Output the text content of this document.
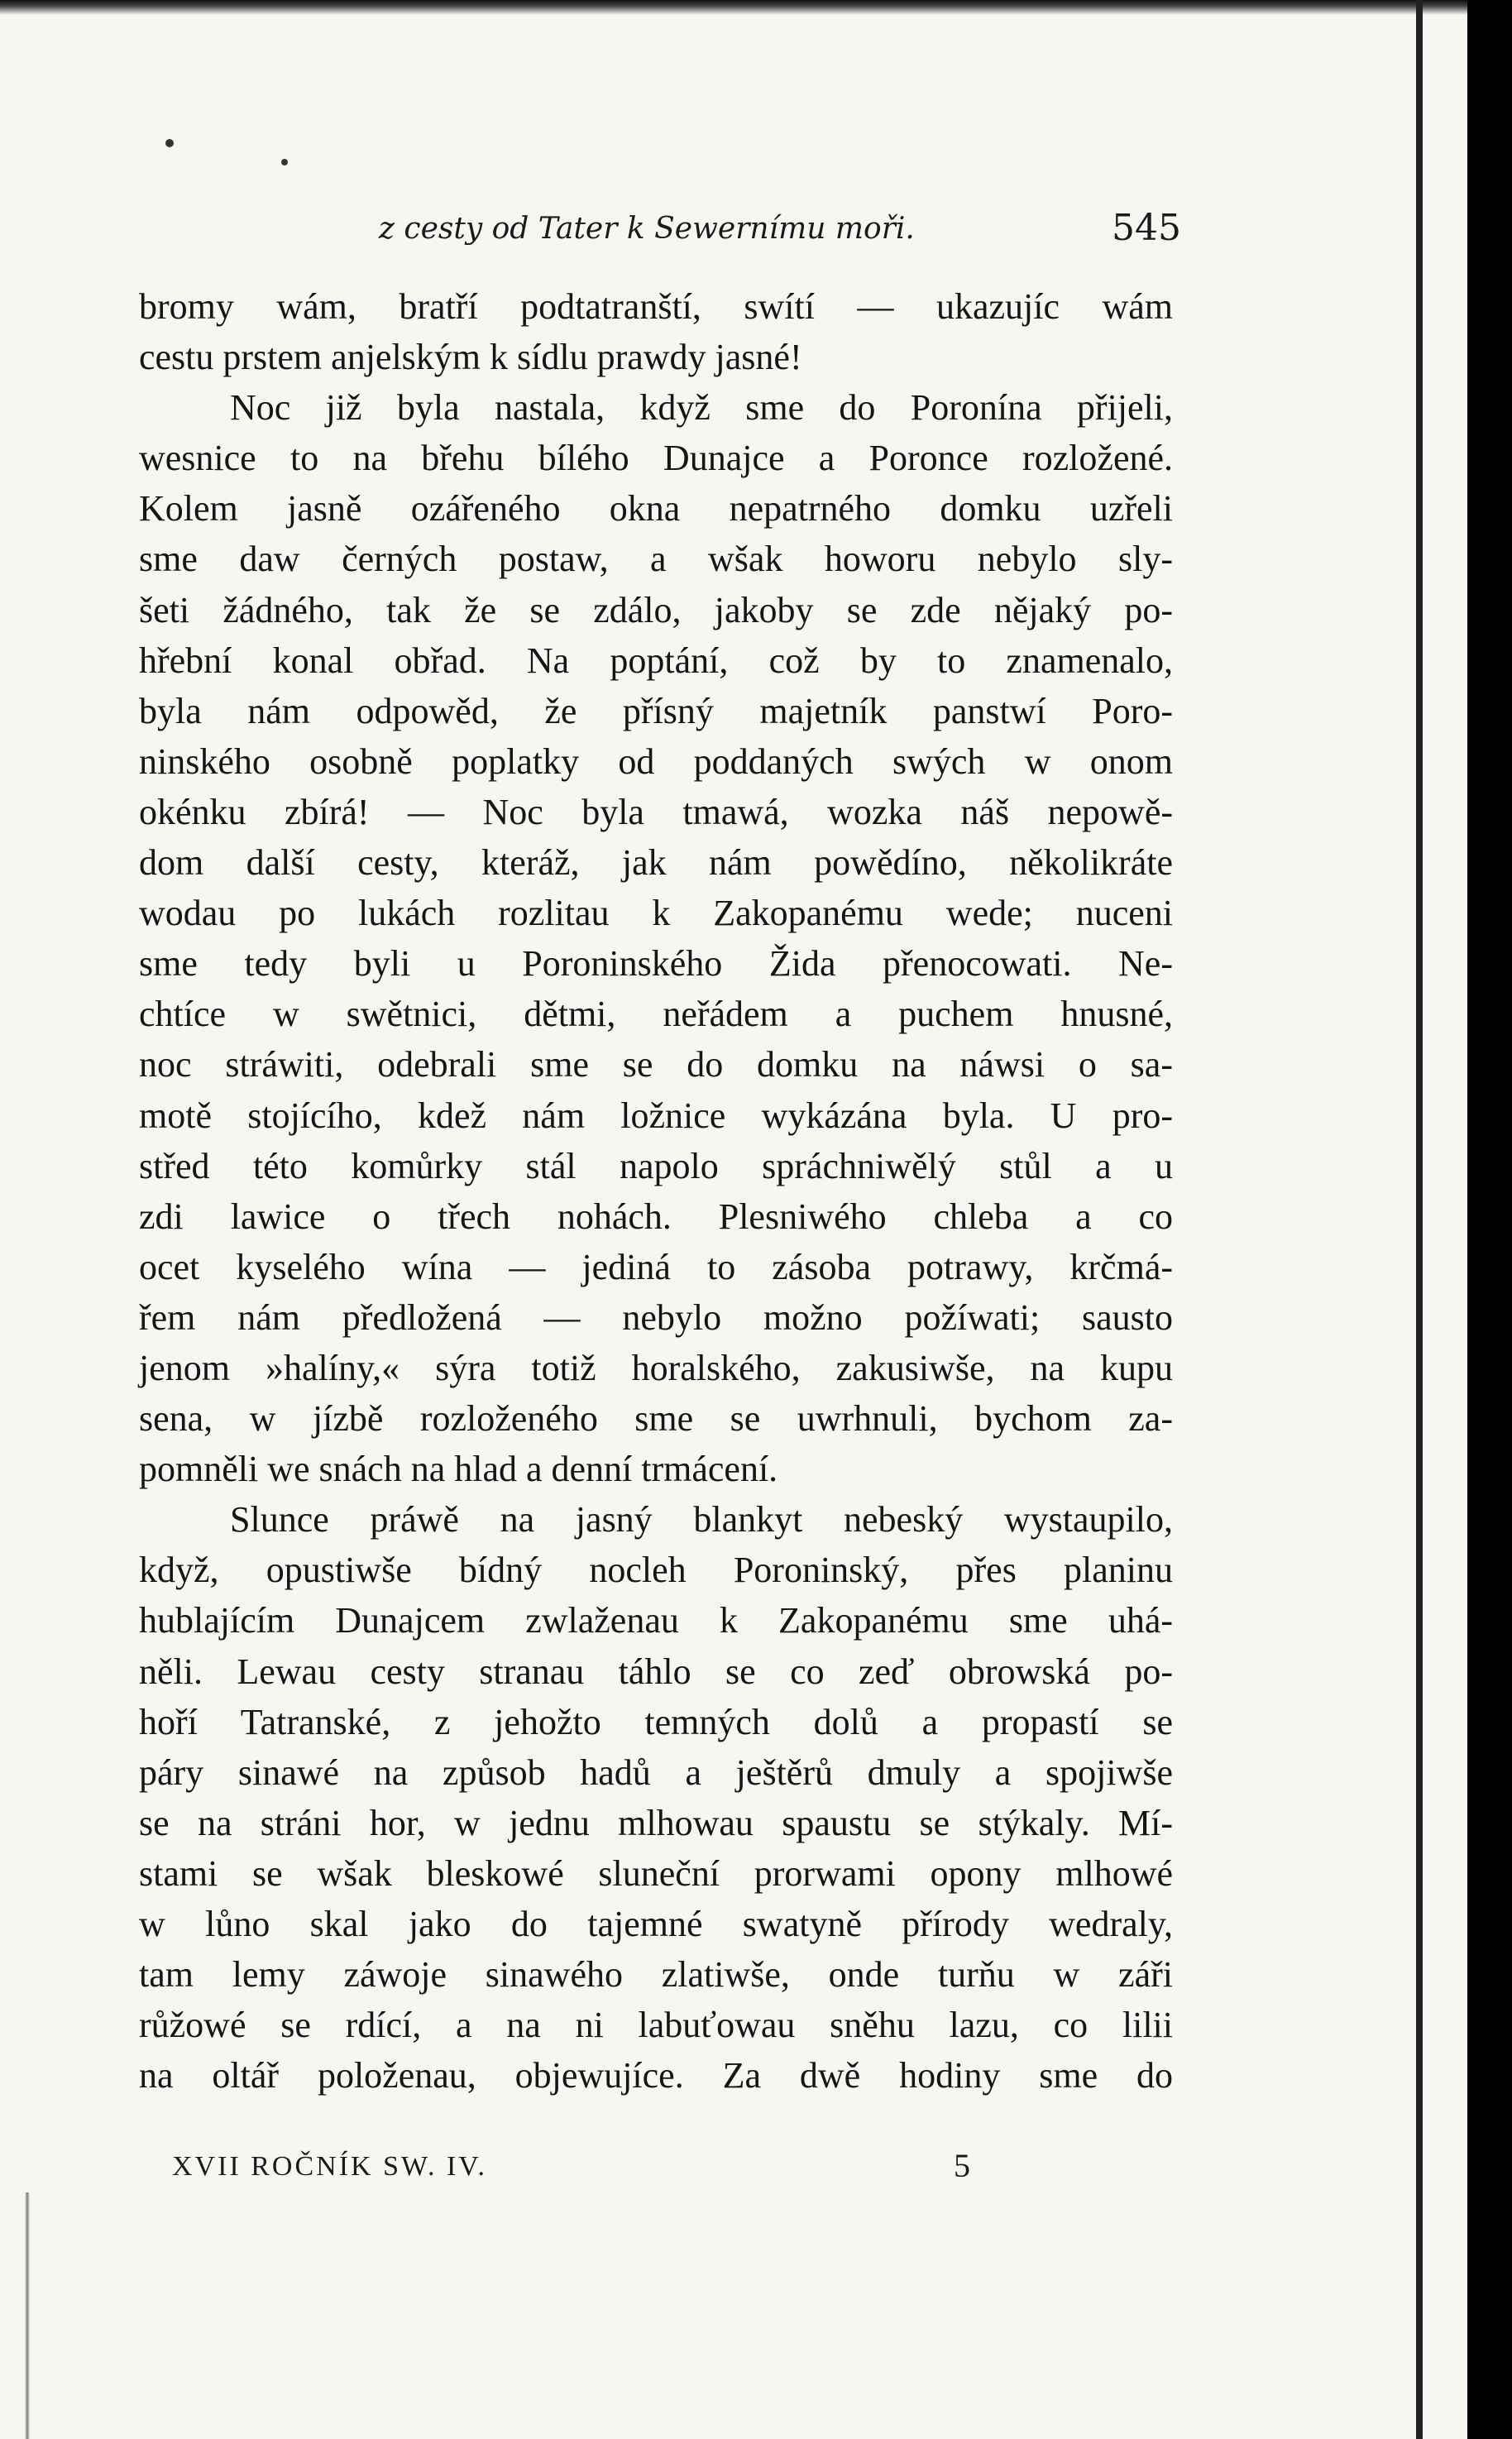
z cesty od Tater k Sewernímu moři.	545
bromy wám, bratří podtatranští, swítí — ukazujíc wám
cestu prstem anjelským k sídlu prawdy jasné!
Noc již byla nastala, když sme do Poronína přijeli,
wesnice to na břehu bílého Dunajce a Poronce rozložené.
Kolem jasně ozářeného okna nepatrného domku uzřeli
sme daw černých postaw, a wšak howoru nebylo sly-
šeti žádného, tak že se zdálo, jakoby se zde nějaký po-
hřební konal obřad. Na poptání, což by to znamenalo,
byla nám odpowěd, že přísný majetník panstwí Poro-
ninského osobně poplatky od poddaných swých w onom
okénku zbírá! — Noc byla tmawá, wozka náš nepowě-
dom další cesty, kteráž, jak nám powědíno, několikráte
wodau po lukách rozlitau k Zakopanému wede; nuceni
sme tedy byli u Poroninského Žida přenocowati. Ne-
chtíce w swětnici, dětmi, neřádem a puchem hnusné,
noc stráwiti, odebrali sme se do domku na náwsi o sa-
motě stojícího, kdež nám ložnice wykázána byla. U pro-
střed této komůrky stál napolo spráchniwělý stůl a u
zdi lawice o třech nohách. Plesniwého chleba a co
ocet kyselého wína — jediná to zásoba potrawy, krčmá-
řem nám předložená — nebylo možno požíwati; sausto
jenom »halíny,« sýra totiž horalského, zakusiwše, na kupu
sena, w jízbě rozloženého sme se uwrhnuli, bychom za-
pomněli we snách na hlad a denní trmácení.
Slunce práwě na jasný blankyt nebeský wystaupilo,
když, opustiwše bídný nocleh Poroninský, přes planinu
hublajícím Dunajcem zwlaženau k Zakopanému sme uhá-
něli. Lewau cesty stranau táhlo se co zeď obrowská po-
hoří Tatranské, z jehožto temných dolů a propastí se
páry sinawé na způsob hadů a ještěrů dmuly a spojiwše
se na stráni hor, w jednu mlhowau spaustu se stýkaly. Mí-
stami se wšak bleskowé sluneční prorwami opony mlhowé
w lůno skal jako do tajemné swatyně přírody wedraly,
tam lemy záwoje sinawého zlatiwše, onde turňu w záři
růžowé se rdící, a na ni labuťowau sněhu lazu, co lilii
na oltář položenau, objewujíce. Za dwě hodiny sme do
XVII ROČNÍK SW. IV.	5
